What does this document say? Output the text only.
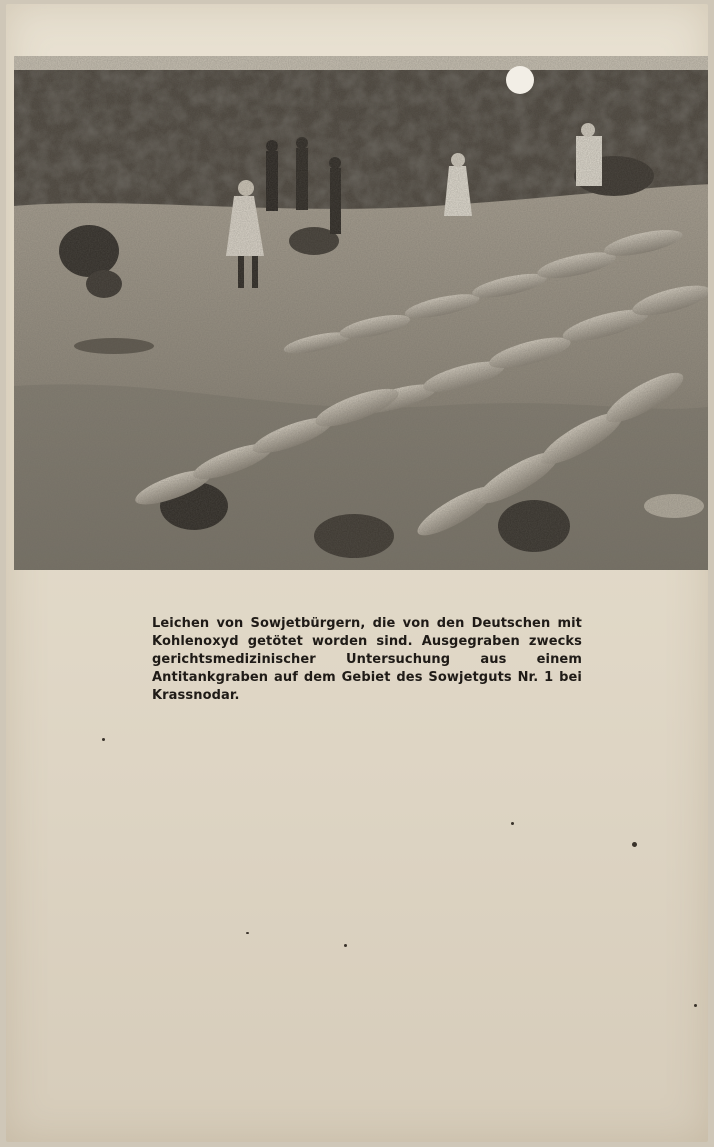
Leichen von Sowjetbürgern, die von den Deutschen mit Kohlenoxyd getötet worden sind. Ausgegraben zwecks gerichtsmedizinischer Untersuchung aus einem Antitankgraben auf dem Gebiet des Sowjetguts Nr. 1 bei Krassnodar.
